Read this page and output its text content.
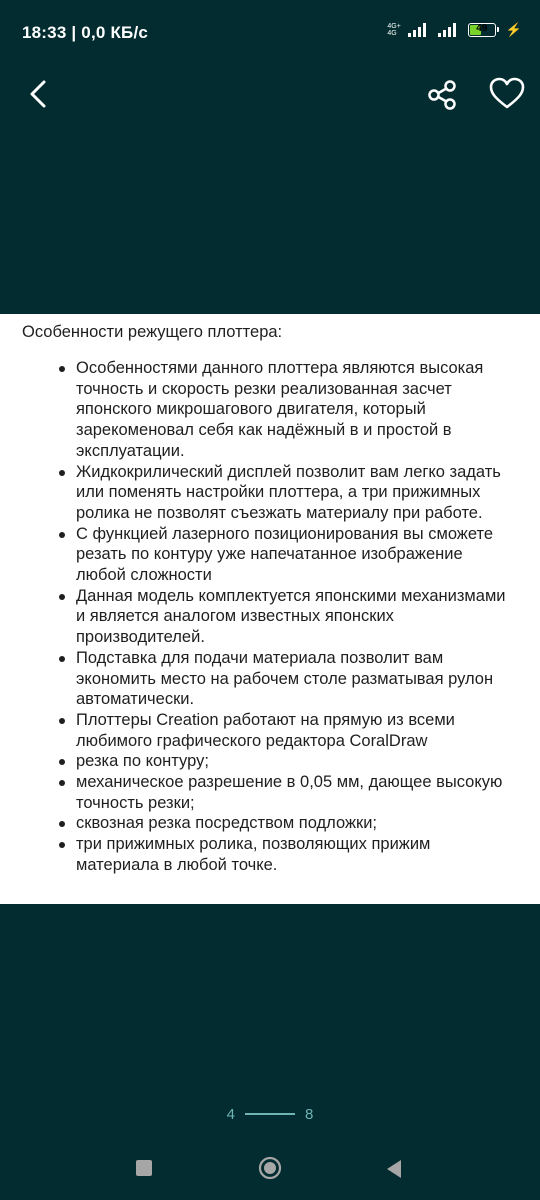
18:33 | 0,0 КБ/с	4G+
4G	49	⚡

Особенности режущего плоттера:

Особенностями данного плоттера являются высокая точность и скорость резки реализованная засчет японского микрошагового двигателя, который зарекоменовал себя как надёжный в и простой в эксплуатации.
Жидкокрилический дисплей позволит вам легко задать или поменять настройки плоттера, а три прижимных ролика не позволят съезжать материалу при работе.
С функцией лазерного позиционирования вы сможете резать по контуру уже напечатанное изображение любой сложности
Данная модель комплектуется японскими механизмами и является аналогом известных японских производителей.
Подставка для подачи материала позволит вам экономить место на рабочем столе разматывая рулон автоматически.
Плоттеры Creation работают на прямую из всеми любимого графического редактора CoralDraw
резка по контуру;
механическое разрешение в 0,05 мм, дающее высокую точность резки;
сквозная резка посредством подложки;
три прижимных ролика, позволяющих прижим материала в любой точке.
4	8
